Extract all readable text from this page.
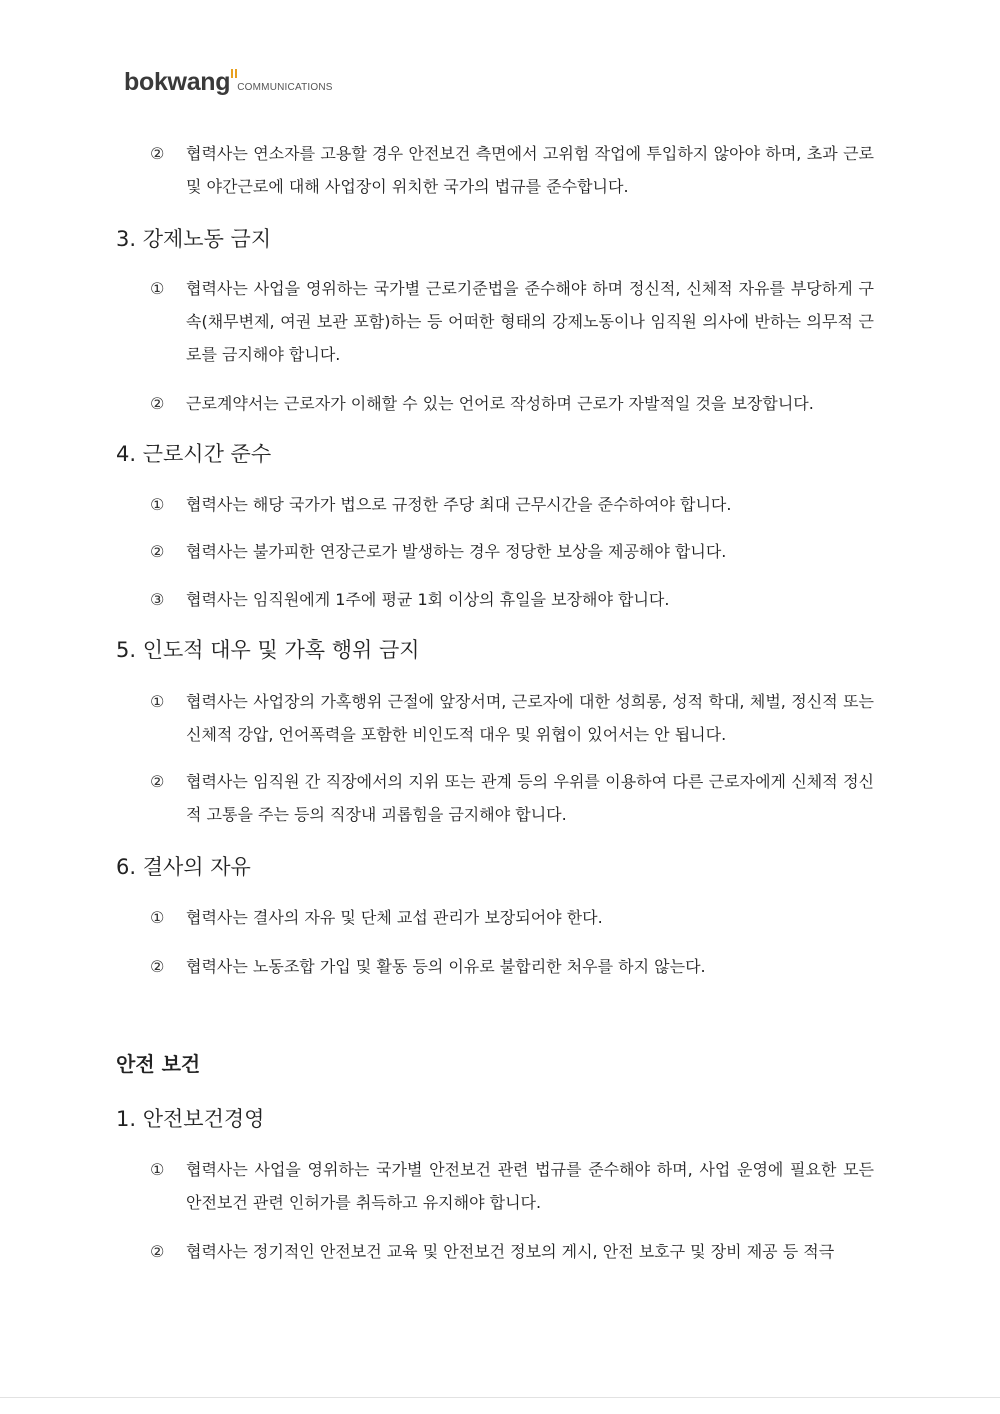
bokwang COMMUNICATIONS
②	협력사는 연소자를 고용할 경우 안전보건 측면에서 고위험 작업에 투입하지 않아야 하며, 초과 근로 및 야간근로에 대해 사업장이 위치한 국가의 법규를 준수합니다.
3. 강제노동 금지
①	협력사는 사업을 영위하는 국가별 근로기준법을 준수해야 하며 정신적, 신체적 자유를 부당하게 구속(채무변제, 여권 보관 포함)하는 등 어떠한 형태의 강제노동이나 임직원 의사에 반하는 의무적 근로를 금지해야 합니다.
②	근로계약서는 근로자가 이해할 수 있는 언어로 작성하며 근로가 자발적일 것을 보장합니다.
4. 근로시간 준수
①	협력사는 해당 국가가 법으로 규정한 주당 최대 근무시간을 준수하여야 합니다.
②	협력사는 불가피한 연장근로가 발생하는 경우 정당한 보상을 제공해야 합니다.
③	협력사는 임직원에게 1주에 평균 1회 이상의 휴일을 보장해야 합니다.
5. 인도적 대우 및 가혹 행위 금지
①	협력사는 사업장의 가혹행위 근절에 앞장서며, 근로자에 대한 성희롱, 성적 학대, 체벌, 정신적 또는 신체적 강압, 언어폭력을 포함한 비인도적 대우 및 위협이 있어서는 안 됩니다.
②	협력사는 임직원 간 직장에서의 지위 또는 관계 등의 우위를 이용하여 다른 근로자에게 신체적 정신적 고통을 주는 등의 직장내 괴롭힘을 금지해야 합니다.
6. 결사의 자유
①	협력사는 결사의 자유 및 단체 교섭 관리가 보장되어야 한다.
②	협력사는 노동조합 가입 및 활동 등의 이유로 불합리한 처우를 하지 않는다.
안전 보건
1. 안전보건경영
①	협력사는 사업을 영위하는 국가별 안전보건 관련 법규를 준수해야 하며, 사업 운영에 필요한 모든 안전보건 관련 인허가를 취득하고 유지해야 합니다.
②	협력사는 정기적인 안전보건 교육 및 안전보건 정보의 게시, 안전 보호구 및 장비 제공 등 적극
